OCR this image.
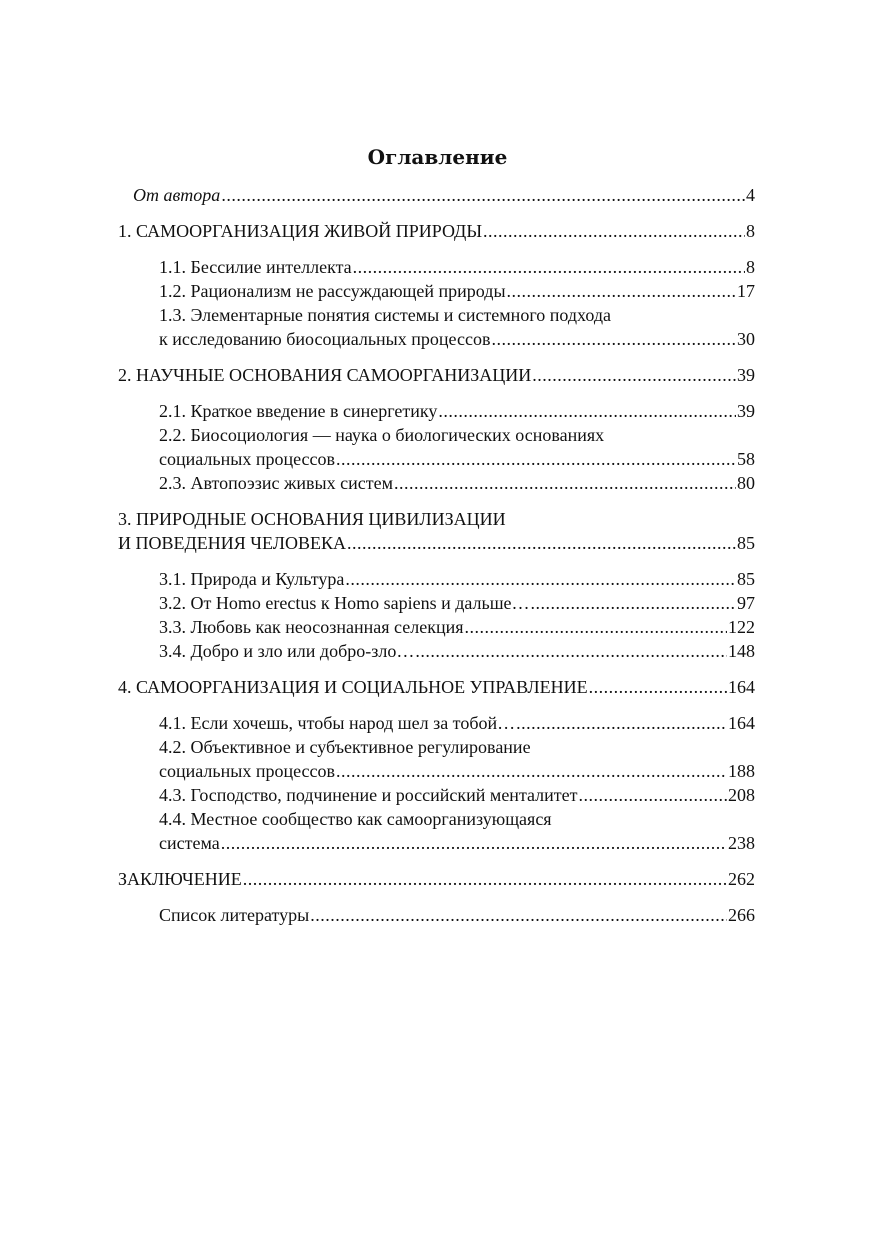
Оглавление
От автора .....	4
1. САМООРГАНИЗАЦИЯ ЖИВОЙ ПРИРОДЫ .....	8
1.1. Бессилие интеллекта .....	8
1.2. Рационализм не рассуждающей природы .....	17
1.3. Элементарные понятия системы и системного подхода
к исследованию биосоциальных процессов .....	30
2. НАУЧНЫЕ ОСНОВАНИЯ САМООРГАНИЗАЦИИ .....	39
2.1. Краткое введение в синергетику .....	39
2.2. Биосоциология — наука о биологических основаниях
социальных процессов .....	58
2.3. Автопоэзис живых систем .....	80
3. ПРИРОДНЫЕ ОСНОВАНИЯ ЦИВИЛИЗАЦИИ
И ПОВЕДЕНИЯ ЧЕЛОВЕКА .....	85
3.1. Природа и Культура .....	85
3.2. От Homo erectus к Homo sapiens и дальше… .....	97
3.3. Любовь как неосознанная селекция .....	122
3.4. Добро и зло или добро-зло… .....	148
4. САМООРГАНИЗАЦИЯ И СОЦИАЛЬНОЕ УПРАВЛЕНИЕ .....	164
4.1. Если хочешь, чтобы народ шел за тобой… .....	164
4.2. Объективное и субъективное регулирование
социальных процессов .....	188
4.3. Господство, подчинение и российский менталитет .....	208
4.4. Местное сообщество как самоорганизующаяся
система .....	238
ЗАКЛЮЧЕНИЕ .....	262
Список литературы .....	266
